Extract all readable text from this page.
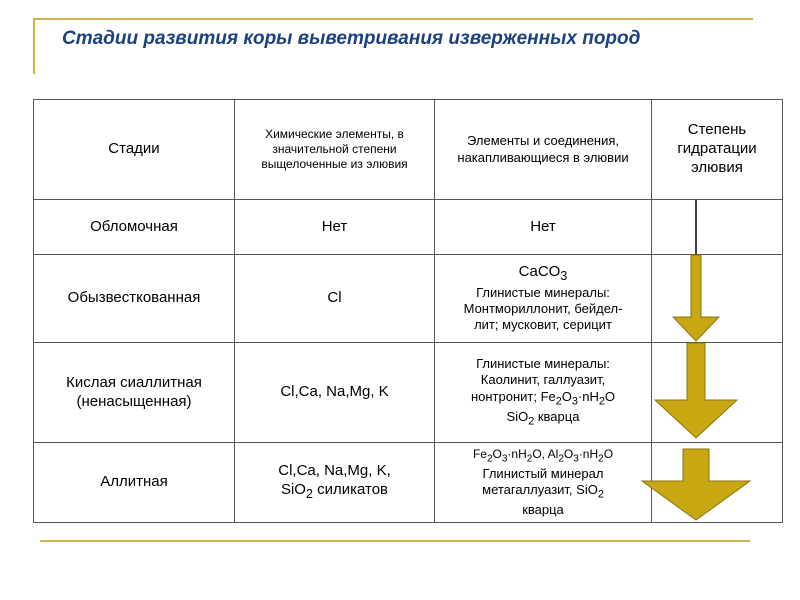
Стадии развития коры выветривания изверженных пород
Стадии	Химические элементы, в значительной степени выщелоченные из элювия	Элементы и соединения, накапливающиеся в элювии	Степень гидратации элювия
Обломочная	Нет	Нет	
Обызвесткованная	Cl	CaCO$_3$
Глинистые минералы:
Монтмориллонит, бейдел-
лит; мусковит, серицит	

Кислая сиаллитная
(ненасыщенная)	Cl,Ca, Na,Mg, K	Глинистые минералы:
Каолинит, галлуазит,
нонтронит; $Fe_2O_3\cdot nH_2O$
SiO$_2$ кварца	

Аллитная	Cl,Ca, Na,Mg, K,
SiO$_2$ силикатов	$Fe_2O_3\cdot nH_2O$, $Al_2O_3\cdot nH_2O$
Глинистый минерал
метагаллуазит, SiO$_2$
кварца	
